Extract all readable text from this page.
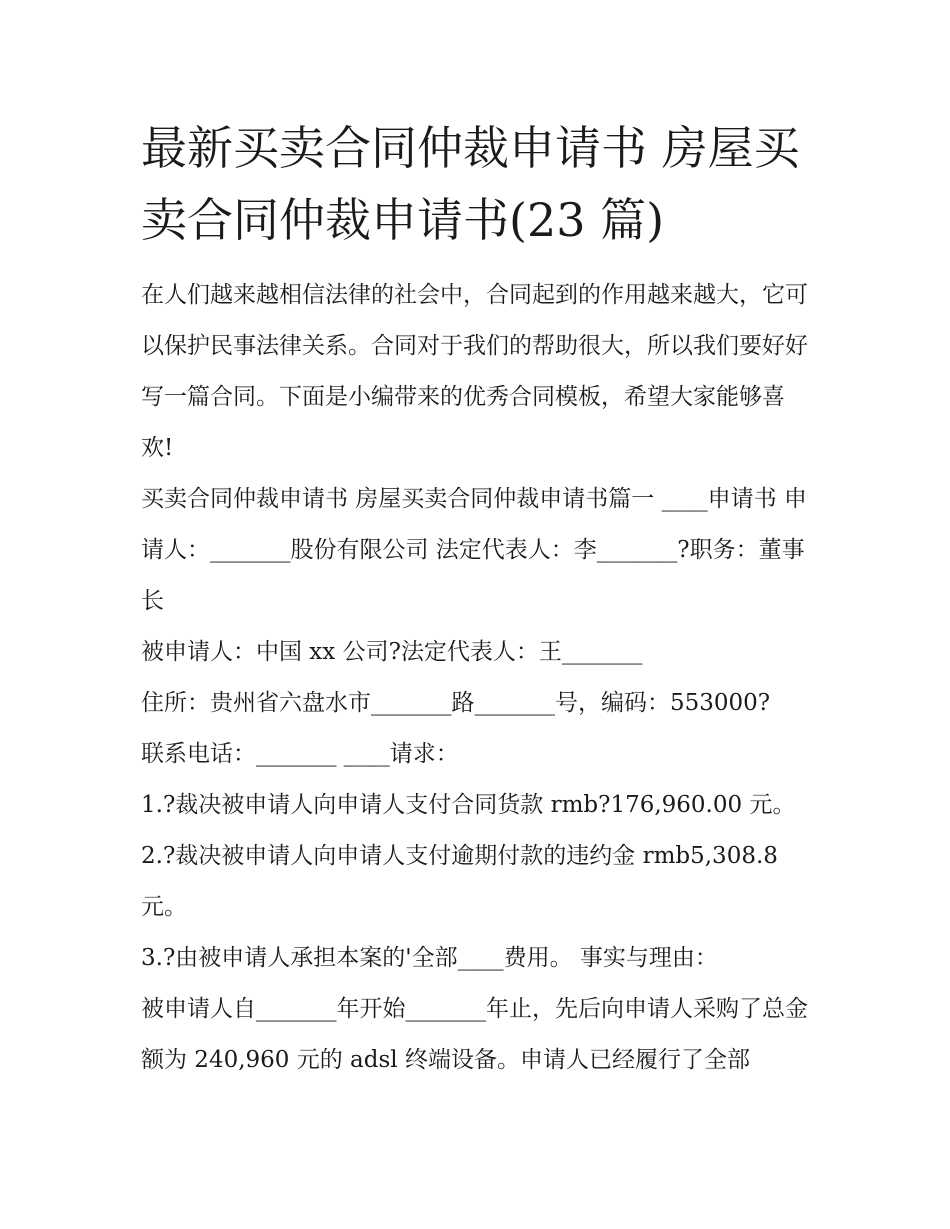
最新买卖合同仲裁申请书 房屋买卖合同仲裁申请书(23 篇)

在人们越来越相信法律的社会中，合同起到的作用越来越大，它可以保护民事法律关系。合同对于我们的帮助很大，所以我们要好好写一篇合同。下面是小编带来的优秀合同模板，希望大家能够喜欢!

买卖合同仲裁申请书 房屋买卖合同仲裁申请书篇一 ____申请书 申请人：_______股份有限公司 法定代表人：李_______?职务：董事长

被申请人：中国 xx 公司?法定代表人：王_______

住所：贵州省六盘水市_______路_______号，编码：553000?

联系电话：_______ ____请求：

1.?裁决被申请人向申请人支付合同货款 rmb?176,960.00 元。

2.?裁决被申请人向申请人支付逾期付款的违约金 rmb5,308.8 元。

3.?由被申请人承担本案的'全部____费用。 事实与理由：

被申请人自_______年开始_______年止，先后向申请人采购了总金额为 240,960 元的 adsl 终端设备。申请人已经履行了全部
